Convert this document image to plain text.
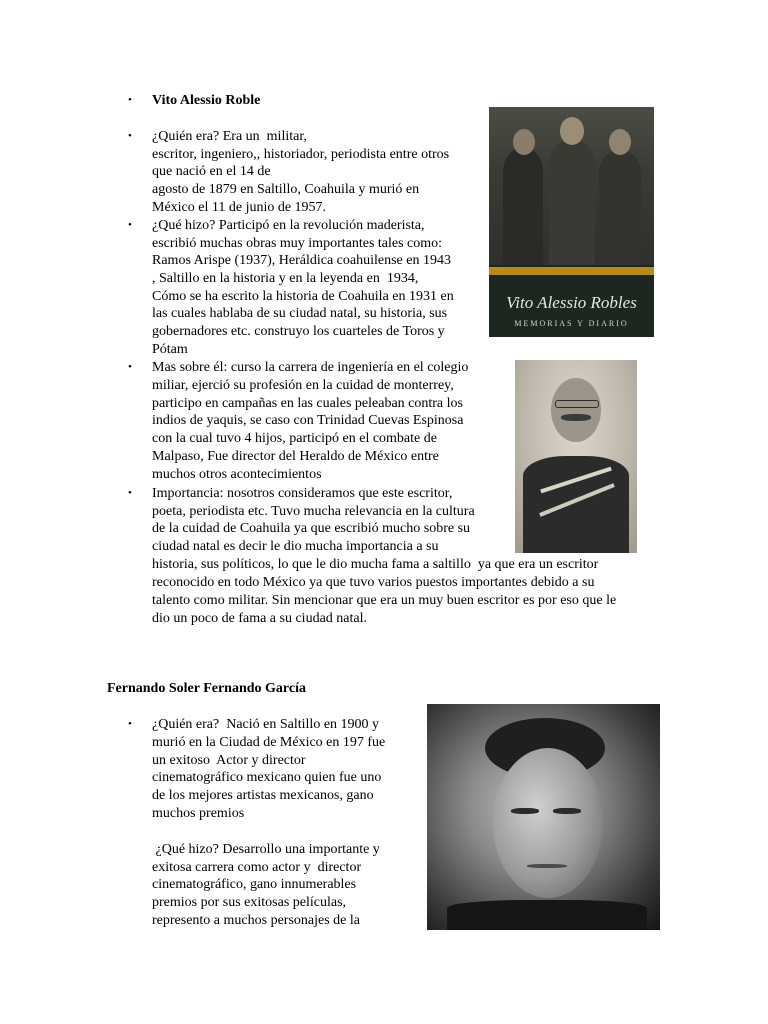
• Vito Alessio Roble
• ¿Quién era? Era un  militar,
escritor, ingeniero,, historiador, periodista entre otros
que nació en el 14 de
agosto de 1879 en Saltillo, Coahuila y murió en
México el 11 de junio de 1957.
• ¿Qué hizo? Participó en la revolución maderista,
escribió muchas obras muy importantes tales como:
Ramos Arispe (1937), Heráldica coahuilense en 1943
, Saltillo en la historia y en la leyenda en  1934,
Cómo se ha escrito la historia de Coahuila en 1931 en
las cuales hablaba de su ciudad natal, su historia, sus
gobernadores etc. construyo los cuarteles de Toros y
Pótam
• Mas sobre él: curso la carrera de ingeniería en el colegio
miliar, ejerció su profesión en la cuidad de monterrey,
participo en campañas en las cuales peleaban contra los
indios de yaquis, se caso con Trinidad Cuevas Espinosa
con la cual tuvo 4 hijos, participó en el combate de
Malpaso, Fue director del Heraldo de México entre
muchos otros acontecimientos
• Importancia: nosotros consideramos que este escritor,
poeta, periodista etc. Tuvo mucha relevancia en la cultura
de la cuidad de Coahuila ya que escribió mucho sobre su
ciudad natal es decir le dio mucha importancia a su
historia, sus políticos, lo que le dio mucha fama a saltillo  ya que era un escritor
reconocido en todo México ya que tuvo varios puestos importantes debido a su
talento como militar. Sin mencionar que era un muy buen escritor es por eso que le
dio un poco de fama a su ciudad natal.
Vito Alessio Robles
MEMORIAS Y DIARIO
Fernando Soler Fernando García
• ¿Quién era?  Nació en Saltillo en 1900 y
murió en la Ciudad de México en 197 fue
un exitoso  Actor y director
cinematográfico mexicano quien fue uno
de los mejores artistas mexicanos, gano
muchos premios
¿Qué hizo? Desarrollo una importante y
exitosa carrera como actor y  director
cinematográfico, gano innumerables
premios por sus exitosas películas,
represento a muchos personajes de la
